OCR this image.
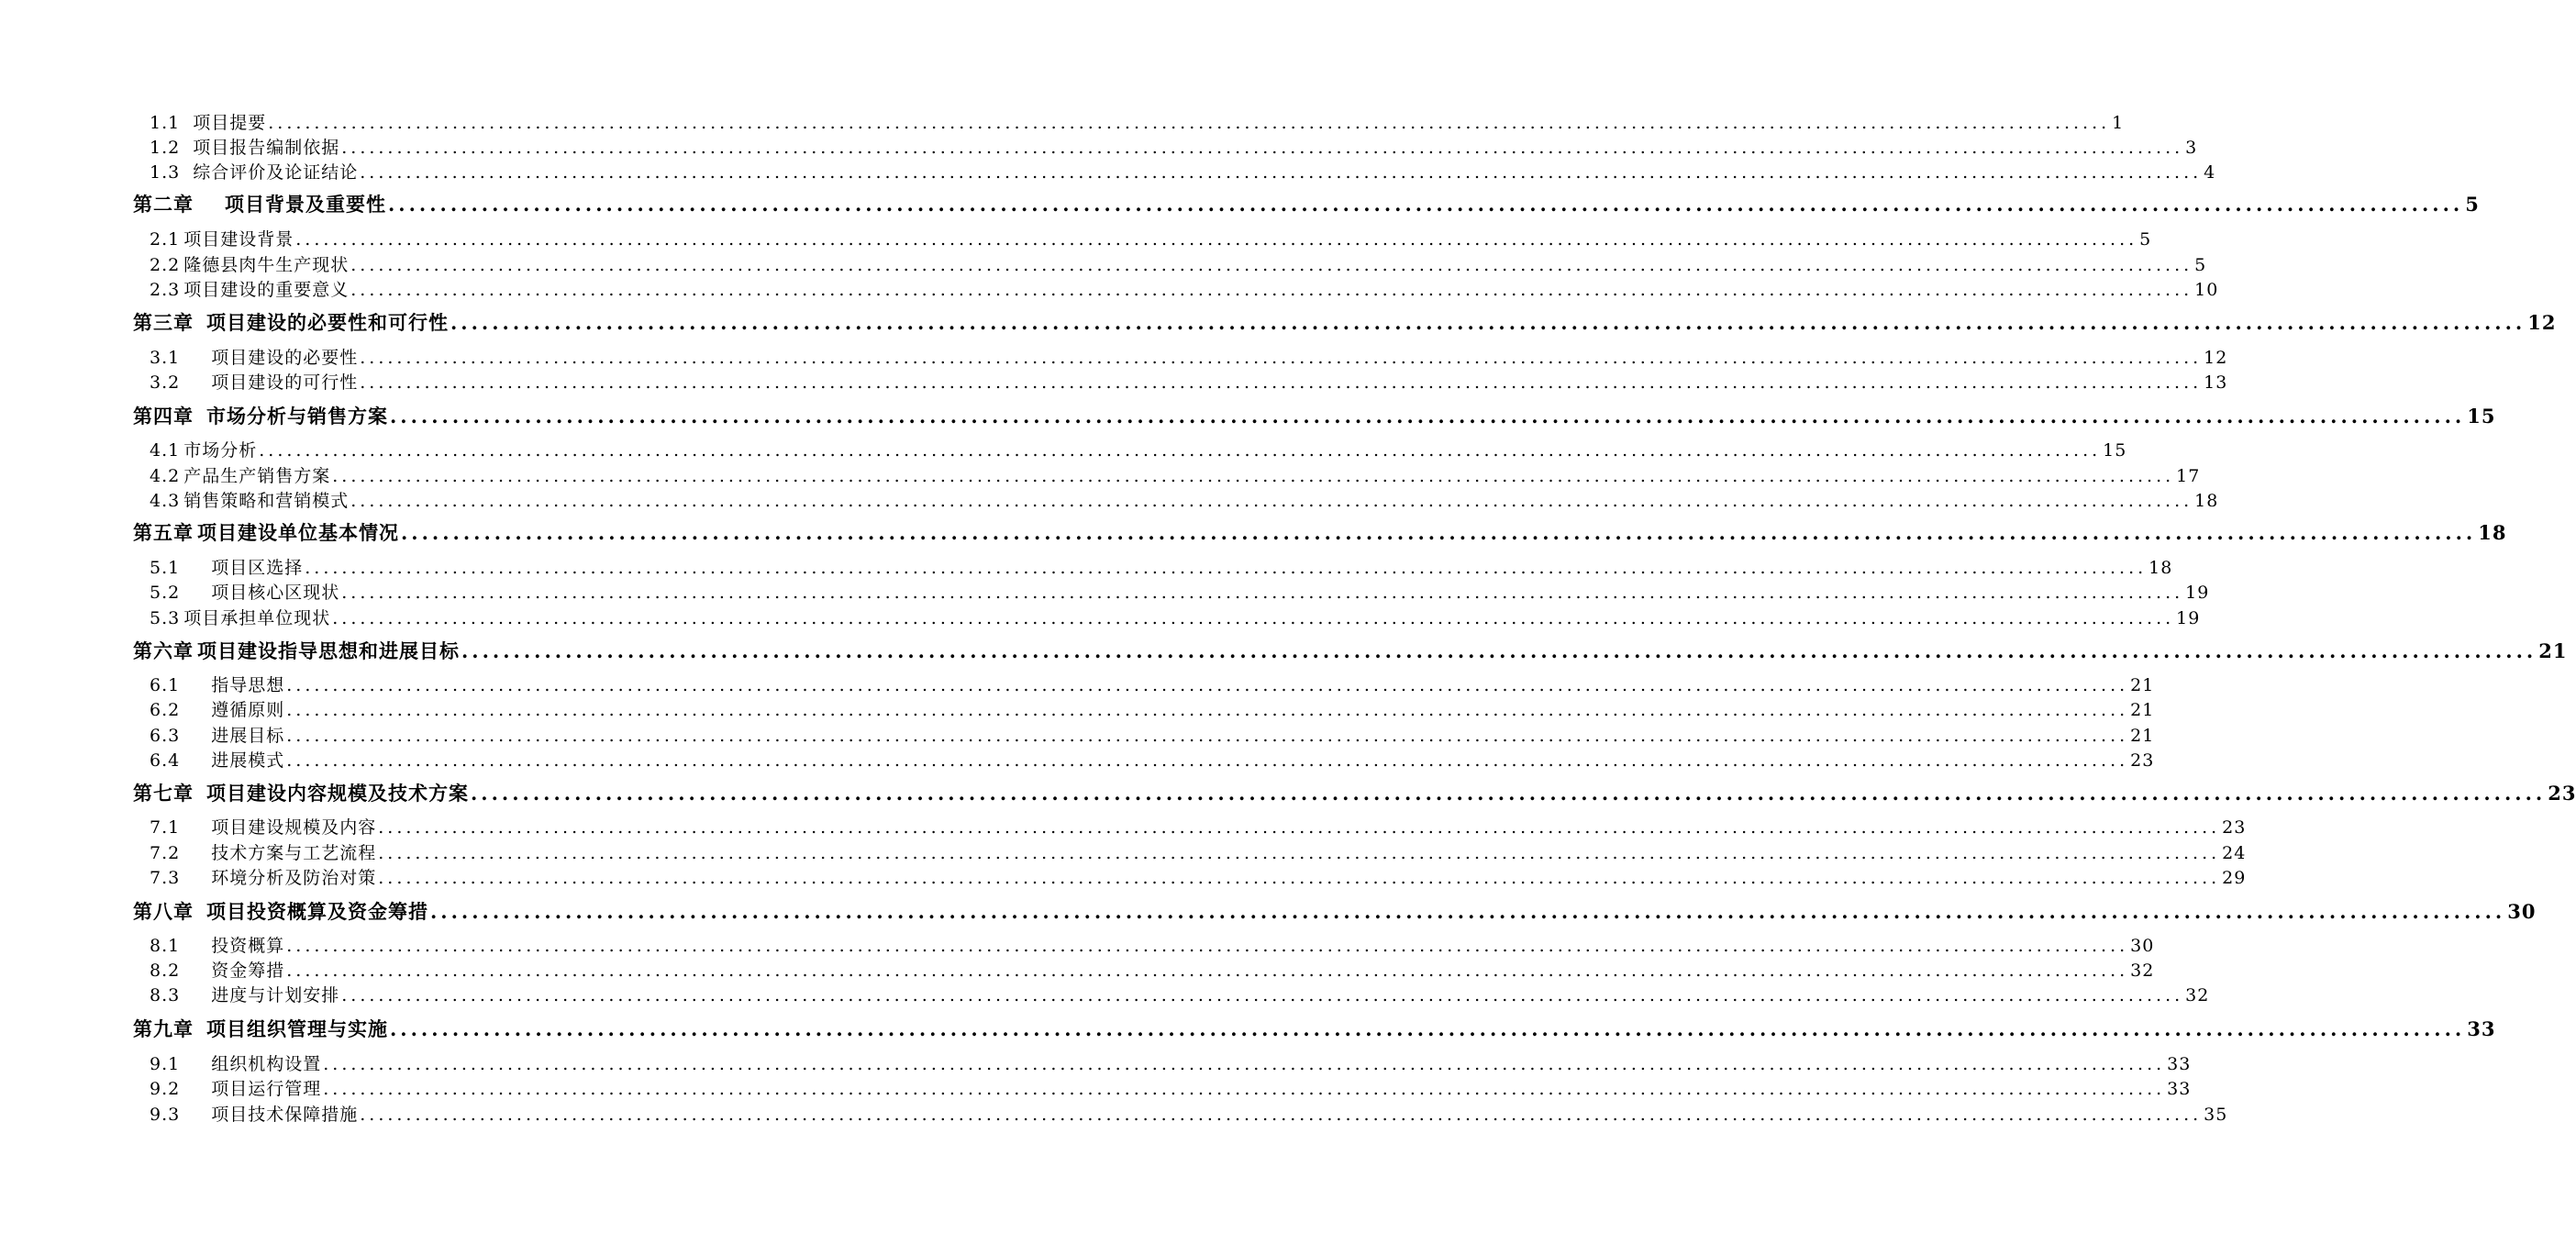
1.1 项目提要 ........................................................................................................................................................................................................ 1
1.2 项目报告编制依据 ........................................................................................................................................................................................................ 3
1.3 综合评价及论证结论 ........................................................................................................................................................................................................ 4
第二章 项目背景及重要性 ........................................................................................................................................................................................................ 5
2.1 项目建设背景 ........................................................................................................................................................................................................ 5
2.2 隆德县肉牛生产现状 ........................................................................................................................................................................................................ 5
2.3 项目建设的重要意义 ........................................................................................................................................................................................................ 10
第三章 项目建设的必要性和可行性 ........................................................................................................................................................................................................ 12
3.1 项目建设的必要性 ........................................................................................................................................................................................................ 12
3.2 项目建设的可行性 ........................................................................................................................................................................................................ 13
第四章 市场分析与销售方案 ........................................................................................................................................................................................................ 15
4.1 市场分析 ........................................................................................................................................................................................................ 15
4.2 产品生产销售方案 ........................................................................................................................................................................................................ 17
4.3 销售策略和营销模式 ........................................................................................................................................................................................................ 18
第五章 项目建设单位基本情况 ........................................................................................................................................................................................................ 18
5.1 项目区选择 ........................................................................................................................................................................................................ 18
5.2 项目核心区现状 ........................................................................................................................................................................................................ 19
5.3 项目承担单位现状 ........................................................................................................................................................................................................ 19
第六章 项目建设指导思想和进展目标 ........................................................................................................................................................................................................ 21
6.1 指导思想 ........................................................................................................................................................................................................ 21
6.2 遵循原则 ........................................................................................................................................................................................................ 21
6.3 进展目标 ........................................................................................................................................................................................................ 21
6.4 进展模式 ........................................................................................................................................................................................................ 23
第七章 项目建设内容规模及技术方案 ........................................................................................................................................................................................................ 23
7.1 项目建设规模及内容 ........................................................................................................................................................................................................ 23
7.2 技术方案与工艺流程 ........................................................................................................................................................................................................ 24
7.3 环境分析及防治对策 ........................................................................................................................................................................................................ 29
第八章 项目投资概算及资金筹措 ........................................................................................................................................................................................................ 30
8.1 投资概算 ........................................................................................................................................................................................................ 30
8.2 资金筹措 ........................................................................................................................................................................................................ 32
8.3 进度与计划安排 ........................................................................................................................................................................................................ 32
第九章 项目组织管理与实施 ........................................................................................................................................................................................................ 33
9.1 组织机构设置 ........................................................................................................................................................................................................ 33
9.2 项目运行管理 ........................................................................................................................................................................................................ 33
9.3 项目技术保障措施 ........................................................................................................................................................................................................ 35
